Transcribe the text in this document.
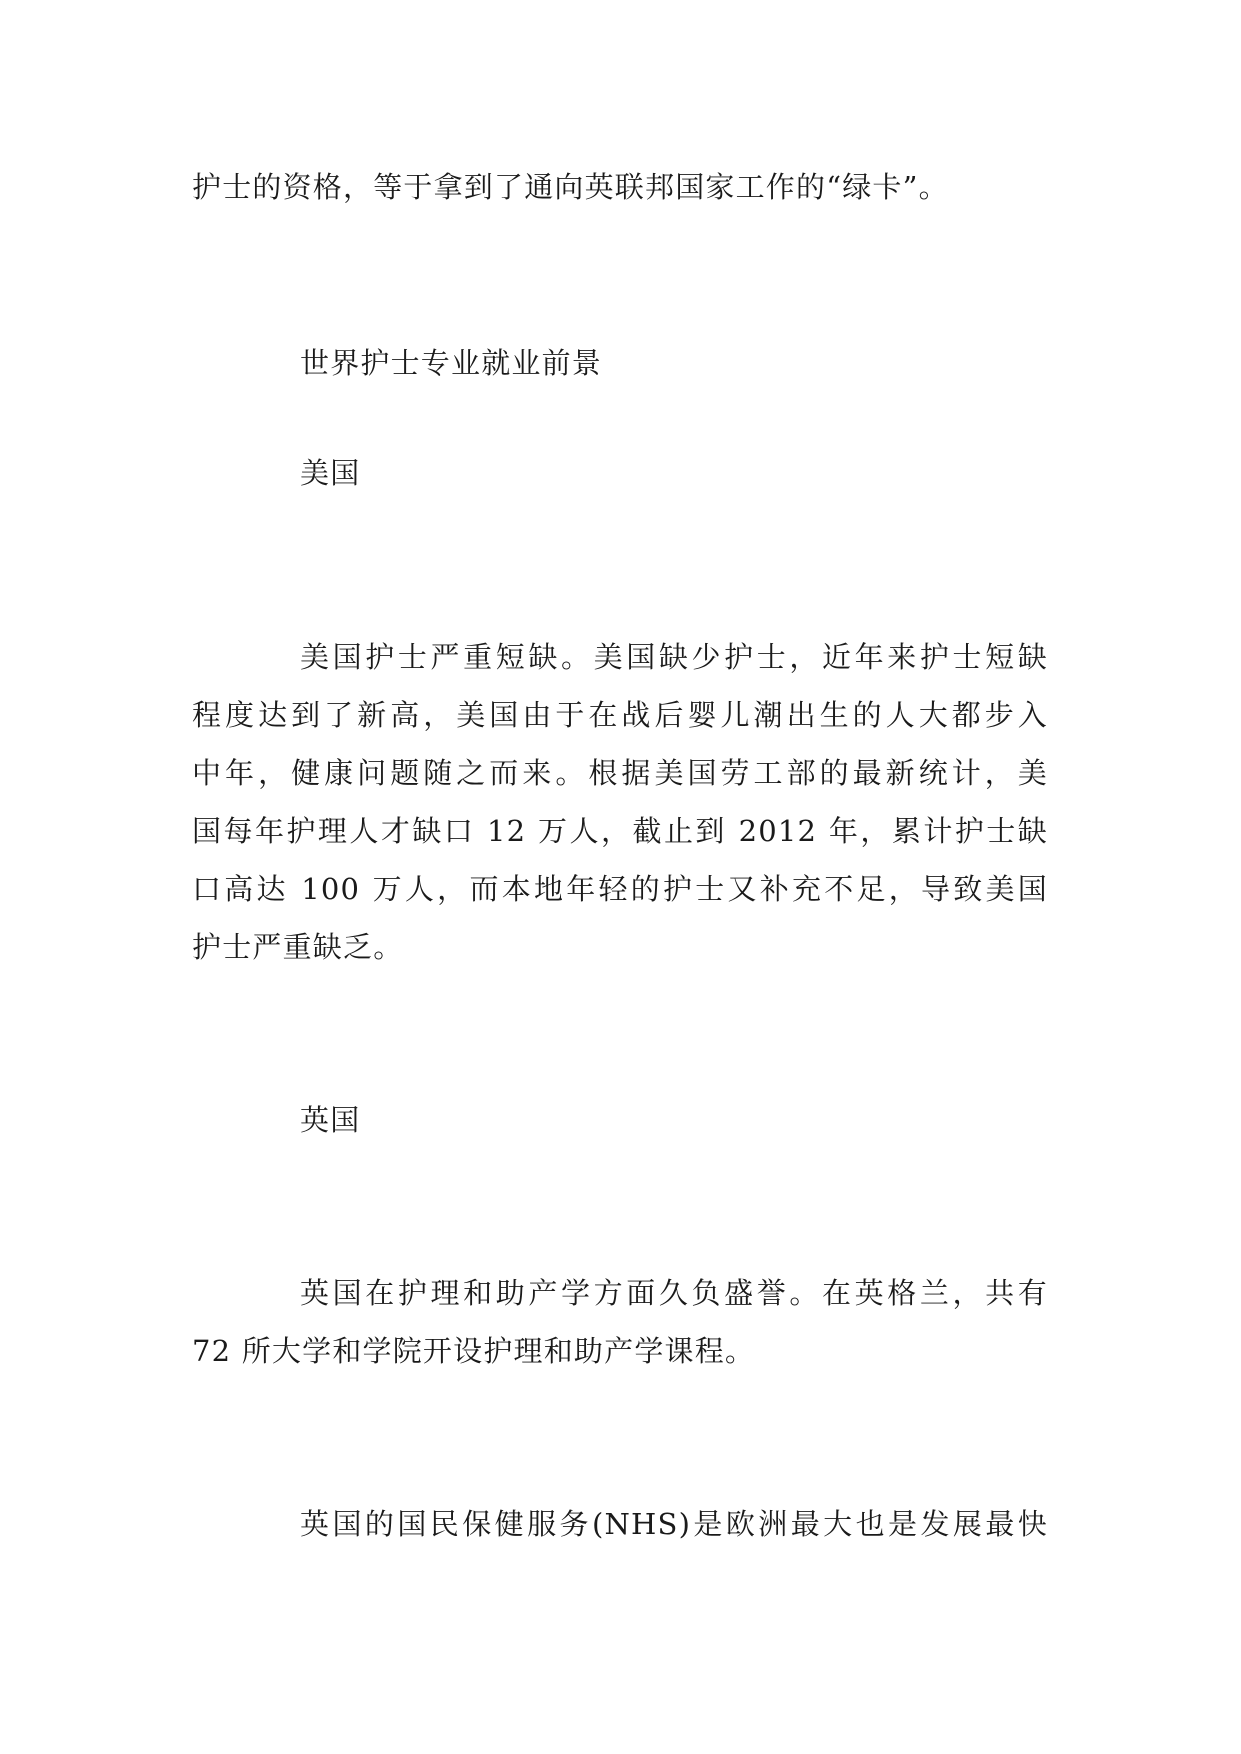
护士的资格，等于拿到了通向英联邦国家工作的“绿卡”。
世界护士专业就业前景
美国
美国护士严重短缺。美国缺少护士，近年来护士短缺
程度达到了新高，美国由于在战后婴儿潮出生的人大都步入
中年，健康问题随之而来。根据美国劳工部的最新统计，美
国每年护理人才缺口 12 万人，截止到 2012 年，累计护士缺
口高达 100 万人，而本地年轻的护士又补充不足，导致美国
护士严重缺乏。
英国
英国在护理和助产学方面久负盛誉。在英格兰，共有
72 所大学和学院开设护理和助产学课程。
英国的国民保健服务(NHS)是欧洲最大也是发展最快
